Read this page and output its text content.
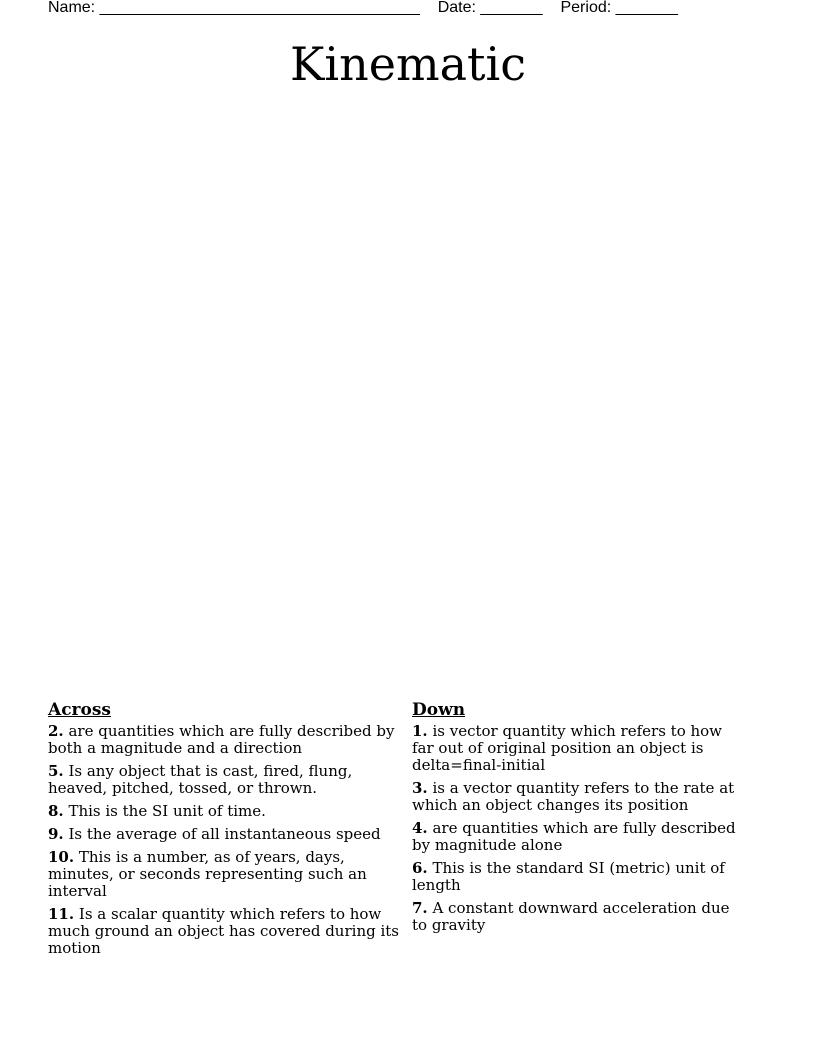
Name: ____________________________________ Date: _______ Period: _______
Kinematic
Across
2. are quantities which are fully described by both a magnitude and a direction
5. Is any object that is cast, fired, flung, heaved, pitched, tossed, or thrown.
8. This is the SI unit of time.
9. Is the average of all instantaneous speed
10. This is a number, as of years, days, minutes, or seconds representing such an interval
11. Is a scalar quantity which refers to how much ground an object has covered during its motion
Down
1. is vector quantity which refers to how far out of original position an object is delta=final-initial
3. is a vector quantity refers to the rate at which an object changes its position
4. are quantities which are fully described by magnitude alone
6. This is the standard SI (metric) unit of length
7. A constant downward acceleration due to gravity
